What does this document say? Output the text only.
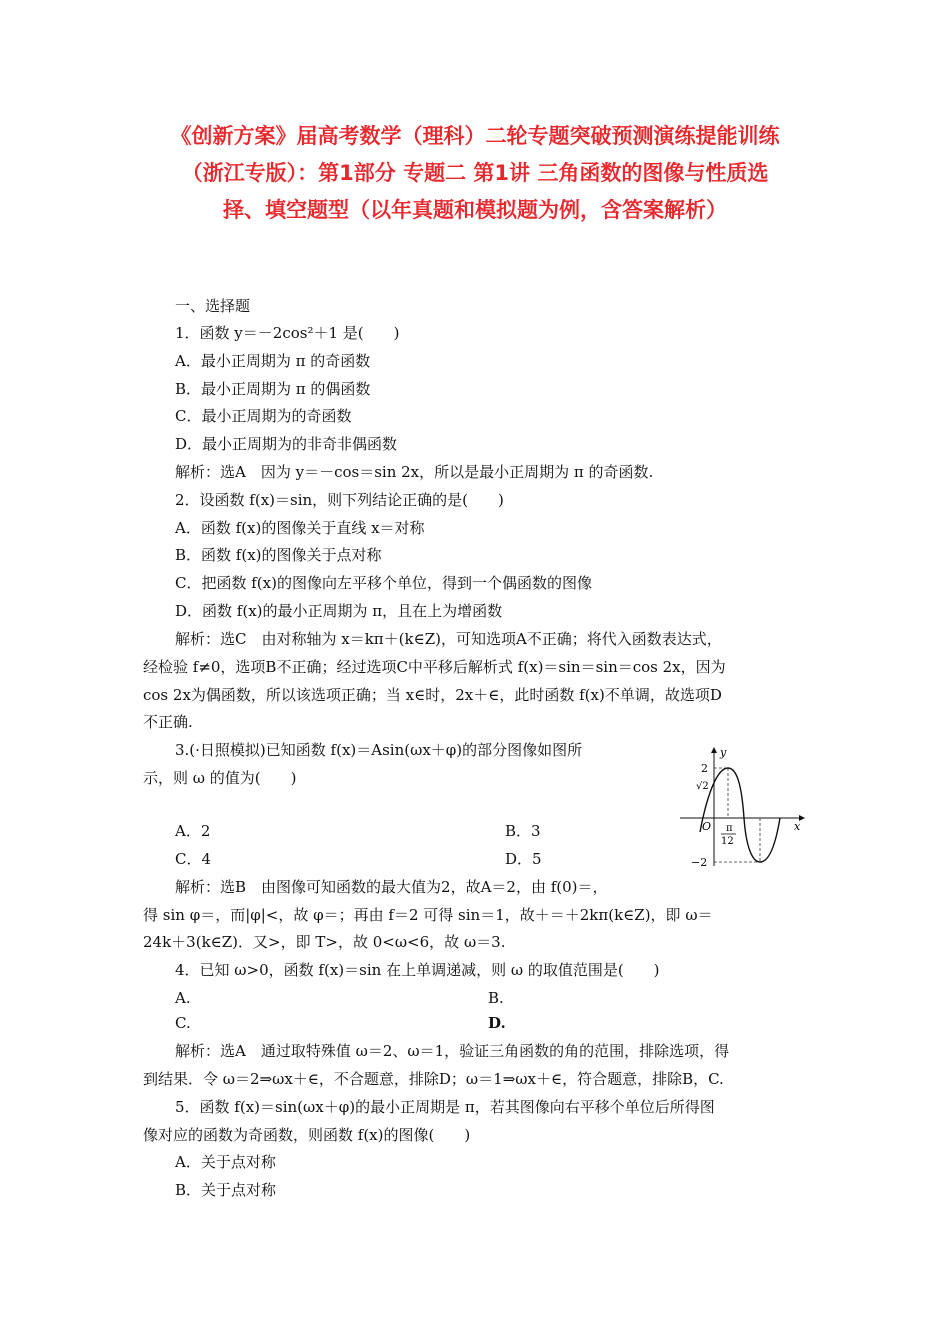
《创新方案》届高考数学（理科）二轮专题突破预测演练提能训练
（浙江专版）：第1部分 专题二 第1讲 三角函数的图像与性质选
择、填空题型（以年真题和模拟题为例，含答案解析）
一、选择题
1．函数 y＝－2cos²＋1 是(　　)
A．最小正周期为 π 的奇函数
B．最小正周期为 π 的偶函数
C．最小正周期为的奇函数
D．最小正周期为的非奇非偶函数
解析：选A　因为 y＝－cos＝sin 2x，所以是最小正周期为 π 的奇函数.
2．设函数 f(x)＝sin，则下列结论正确的是(　　)
A．函数 f(x)的图像关于直线 x＝对称
B．函数 f(x)的图像关于点对称
C．把函数 f(x)的图像向左平移个单位，得到一个偶函数的图像
D．函数 f(x)的最小正周期为 π，且在上为增函数
解析：选C　由对称轴为 x＝kπ＋(k∈Z)，可知选项A不正确；将代入函数表达式，
经检验 f≠0，选项B不正确；经过选项C中平移后解析式 f(x)＝sin＝sin＝cos 2x，因为
cos 2x为偶函数，所以该选项正确；当 x∈时，2x＋∈，此时函数 f(x)不单调，故选项D
不正确.
3.(·日照模拟)已知函数 f(x)＝Asin(ωx＋φ)的部分图像如图所
示，则 ω 的值为(　　)
A．2	B．3
C．4	D．5
解析：选B　由图像可知函数的最大值为2，故A＝2，由 f(0)＝，
得 sin φ＝，而|φ|<，故 φ＝；再由 f＝2 可得 sin＝1，故＋＝＋2kπ(k∈Z)，即 ω＝
24k＋3(k∈Z)．又>，即 T>，故 0<ω<6，故 ω＝3.
4．已知 ω>0，函数 f(x)＝sin 在上单调递减，则 ω 的取值范围是(　　)
A.	B.
C.	D.
解析：选A　通过取特殊值 ω＝2、ω＝1，验证三角函数的角的范围，排除选项，得
到结果．令 ω＝2⇒ωx＋∈，不合题意，排除D；ω＝1⇒ωx＋∈，符合题意，排除B，C.
5．函数 f(x)＝sin(ωx＋φ)的最小正周期是 π，若其图像向右平移个单位后所得图
像对应的函数为奇函数，则函数 f(x)的图像(　　)
A．关于点对称
B．关于点对称
y
x
O
2
√2
−2
π
12
